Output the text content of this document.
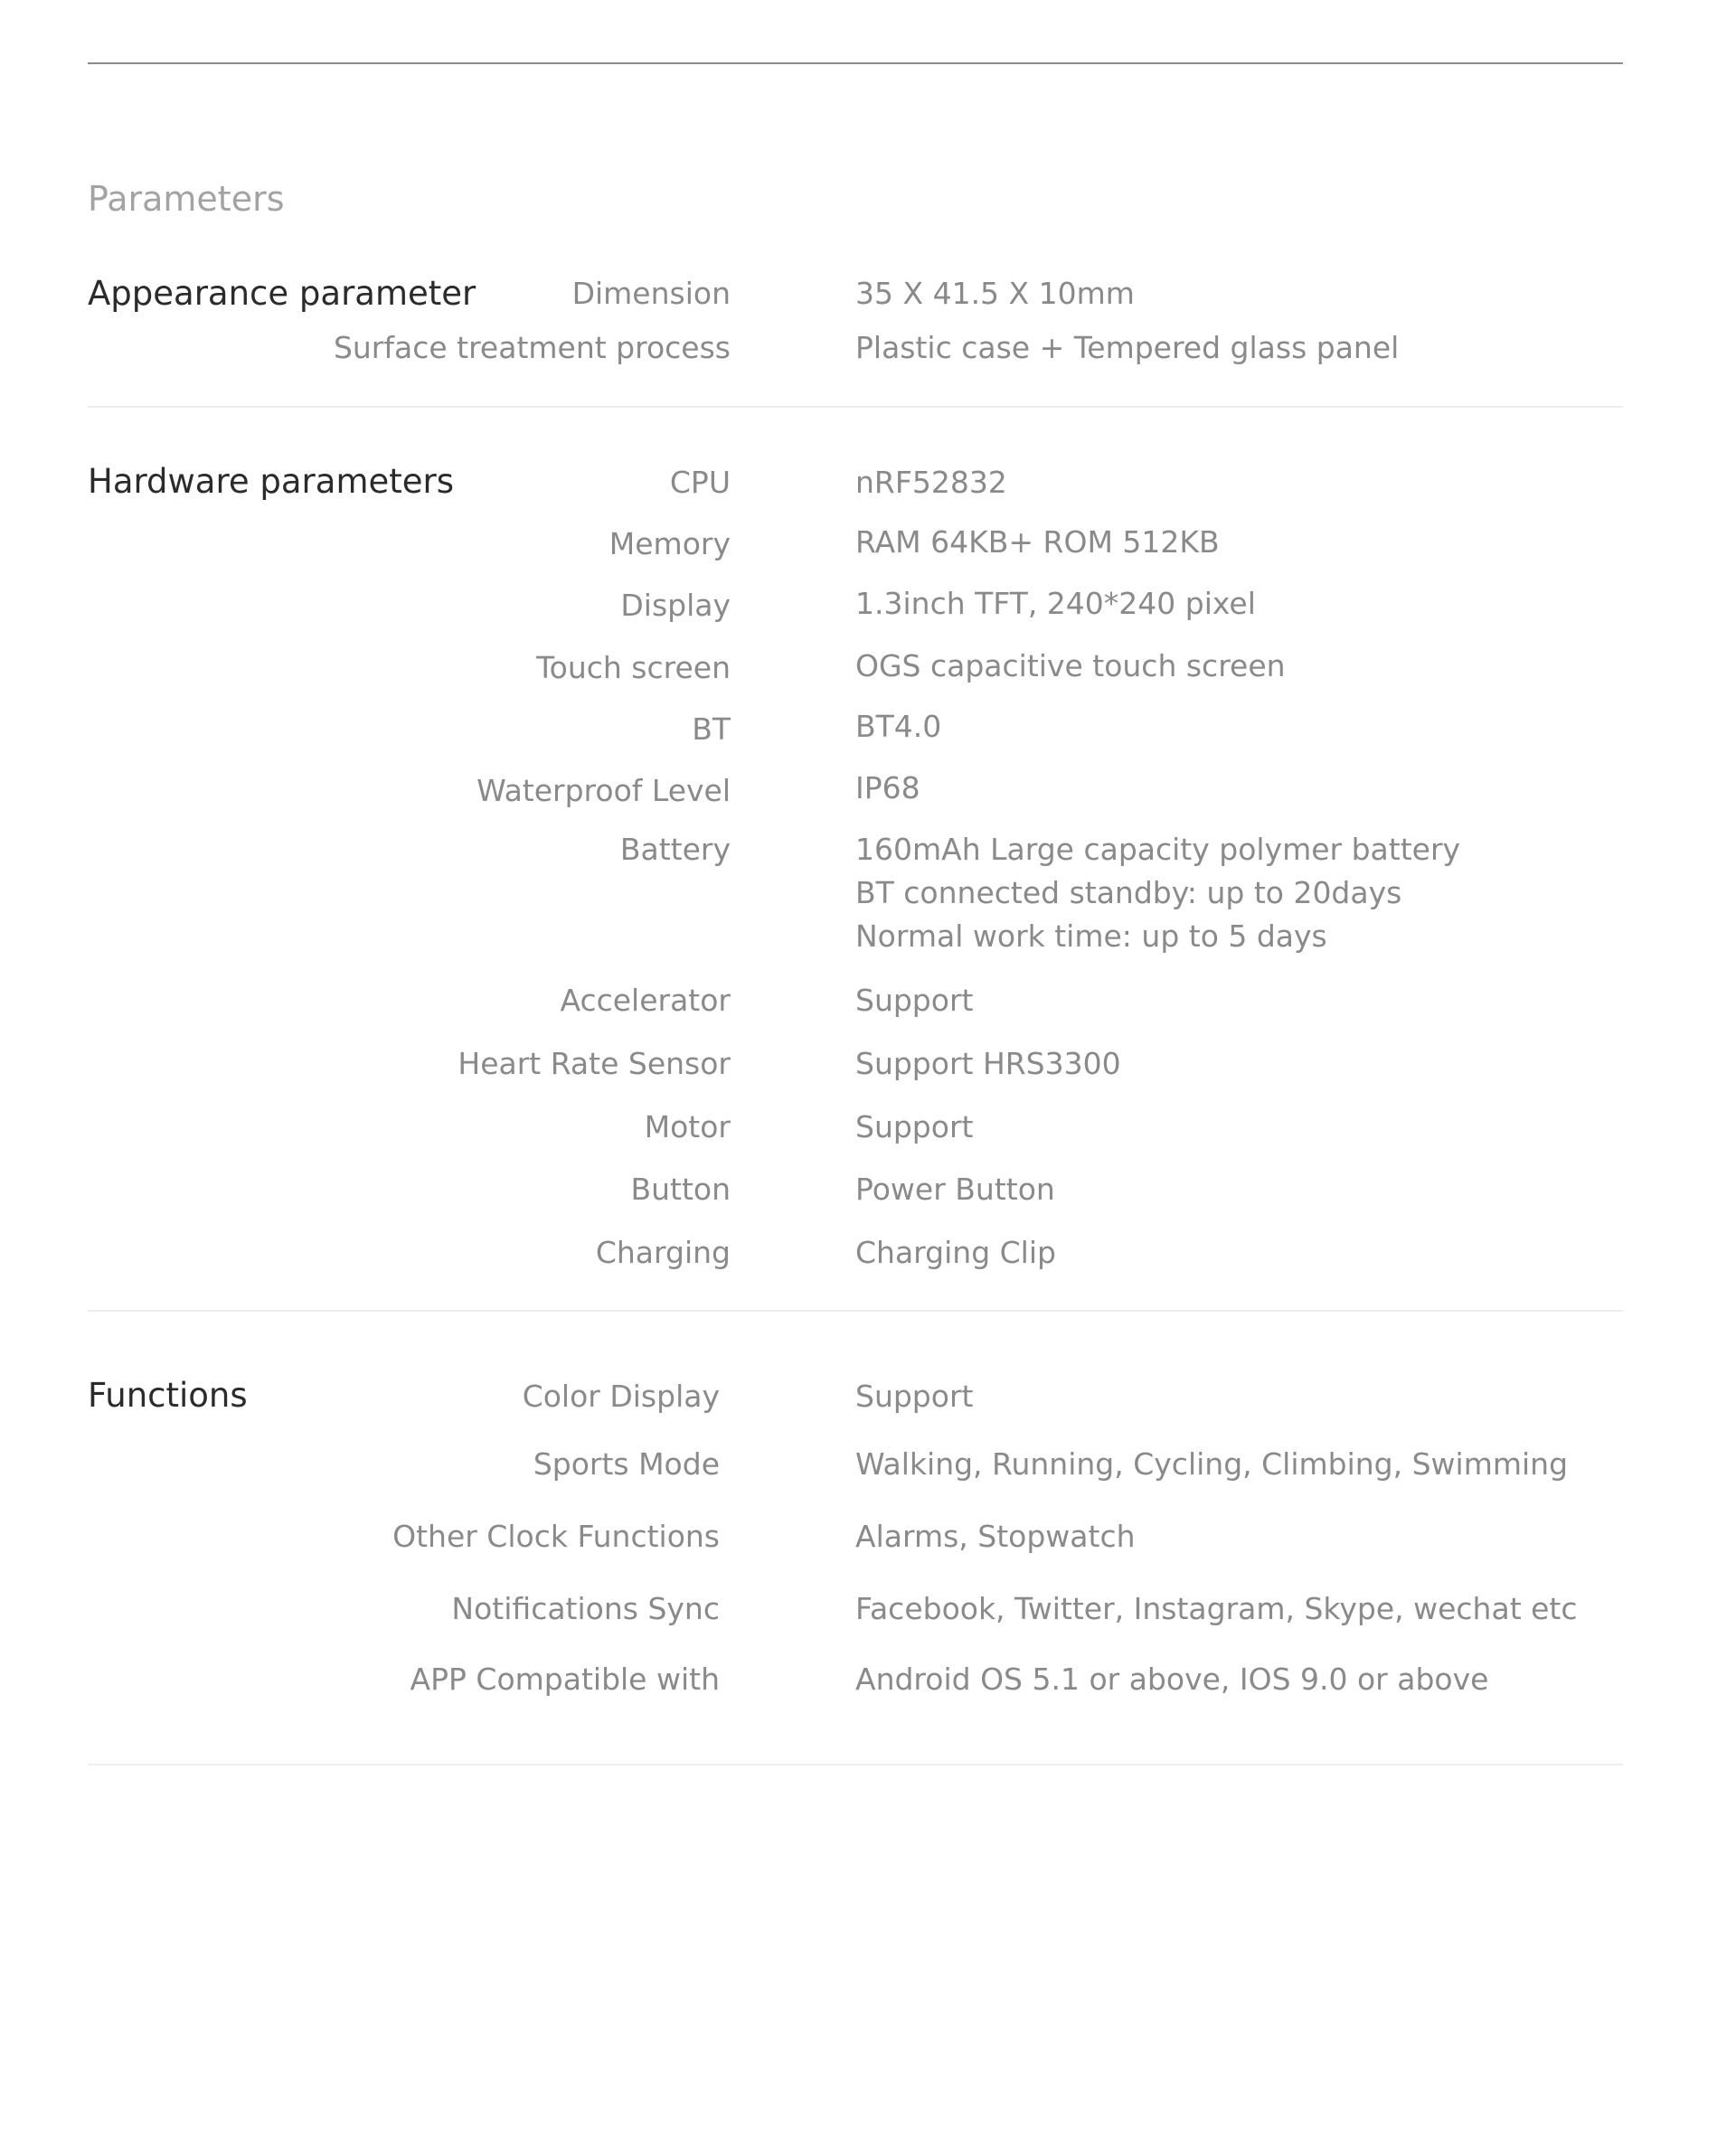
Parameters
Appearance parameter	Dimension	35 X 41.5 X 10mm
Surface treatment process	Plastic case + Tempered glass panel
Hardware parameters	CPU	nRF52832
Memory	RAM 64KB+ ROM 512KB
Display	1.3inch TFT, 240*240 pixel
Touch screen	OGS capacitive touch screen
BT	BT4.0
Waterproof Level	IP68
Battery	160mAh Large capacity polymer battery
BT connected standby: up to 20days
Normal work time: up to 5 days
Accelerator	Support
Heart Rate Sensor	Support HRS3300
Motor	Support
Button	Power Button
Charging	Charging Clip
Functions	Color Display	Support
Sports Mode	Walking, Running, Cycling, Climbing, Swimming
Other Clock Functions	Alarms, Stopwatch
Notifications Sync	Facebook, Twitter, Instagram, Skype, wechat etc
APP Compatible with	Android OS 5.1 or above, IOS 9.0 or above
